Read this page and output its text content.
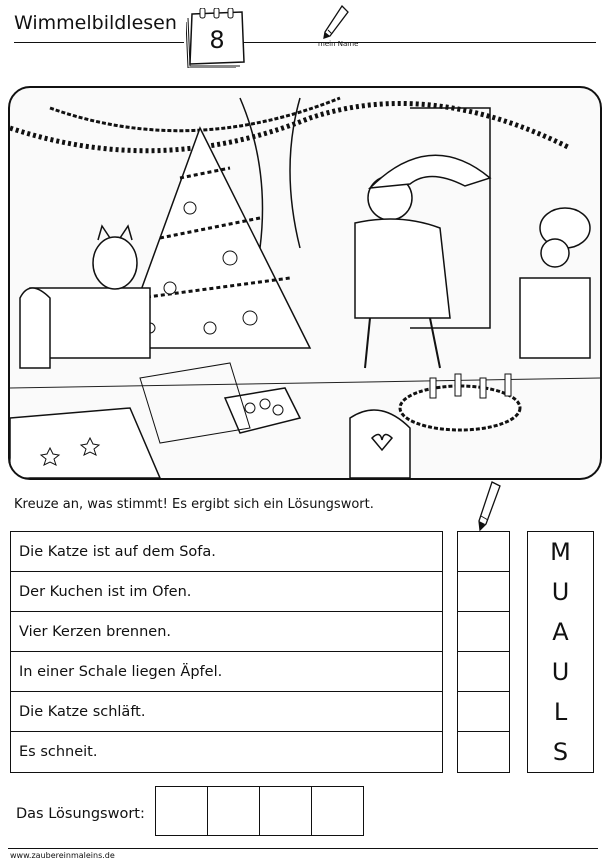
Wimmelbildlesen
8	mein Name
Kreuze an, was stimmt! Es ergibt sich ein Lösungswort.
Die Katze ist auf dem Sofa.
Der Kuchen ist im Ofen.
Vier Kerzen brennen.
In einer Schale liegen Äpfel.
Die Katze schläft.
Es schneit.
M
U
A
U
L
S
Das Lösungswort:
www.zaubereinmaleins.de
